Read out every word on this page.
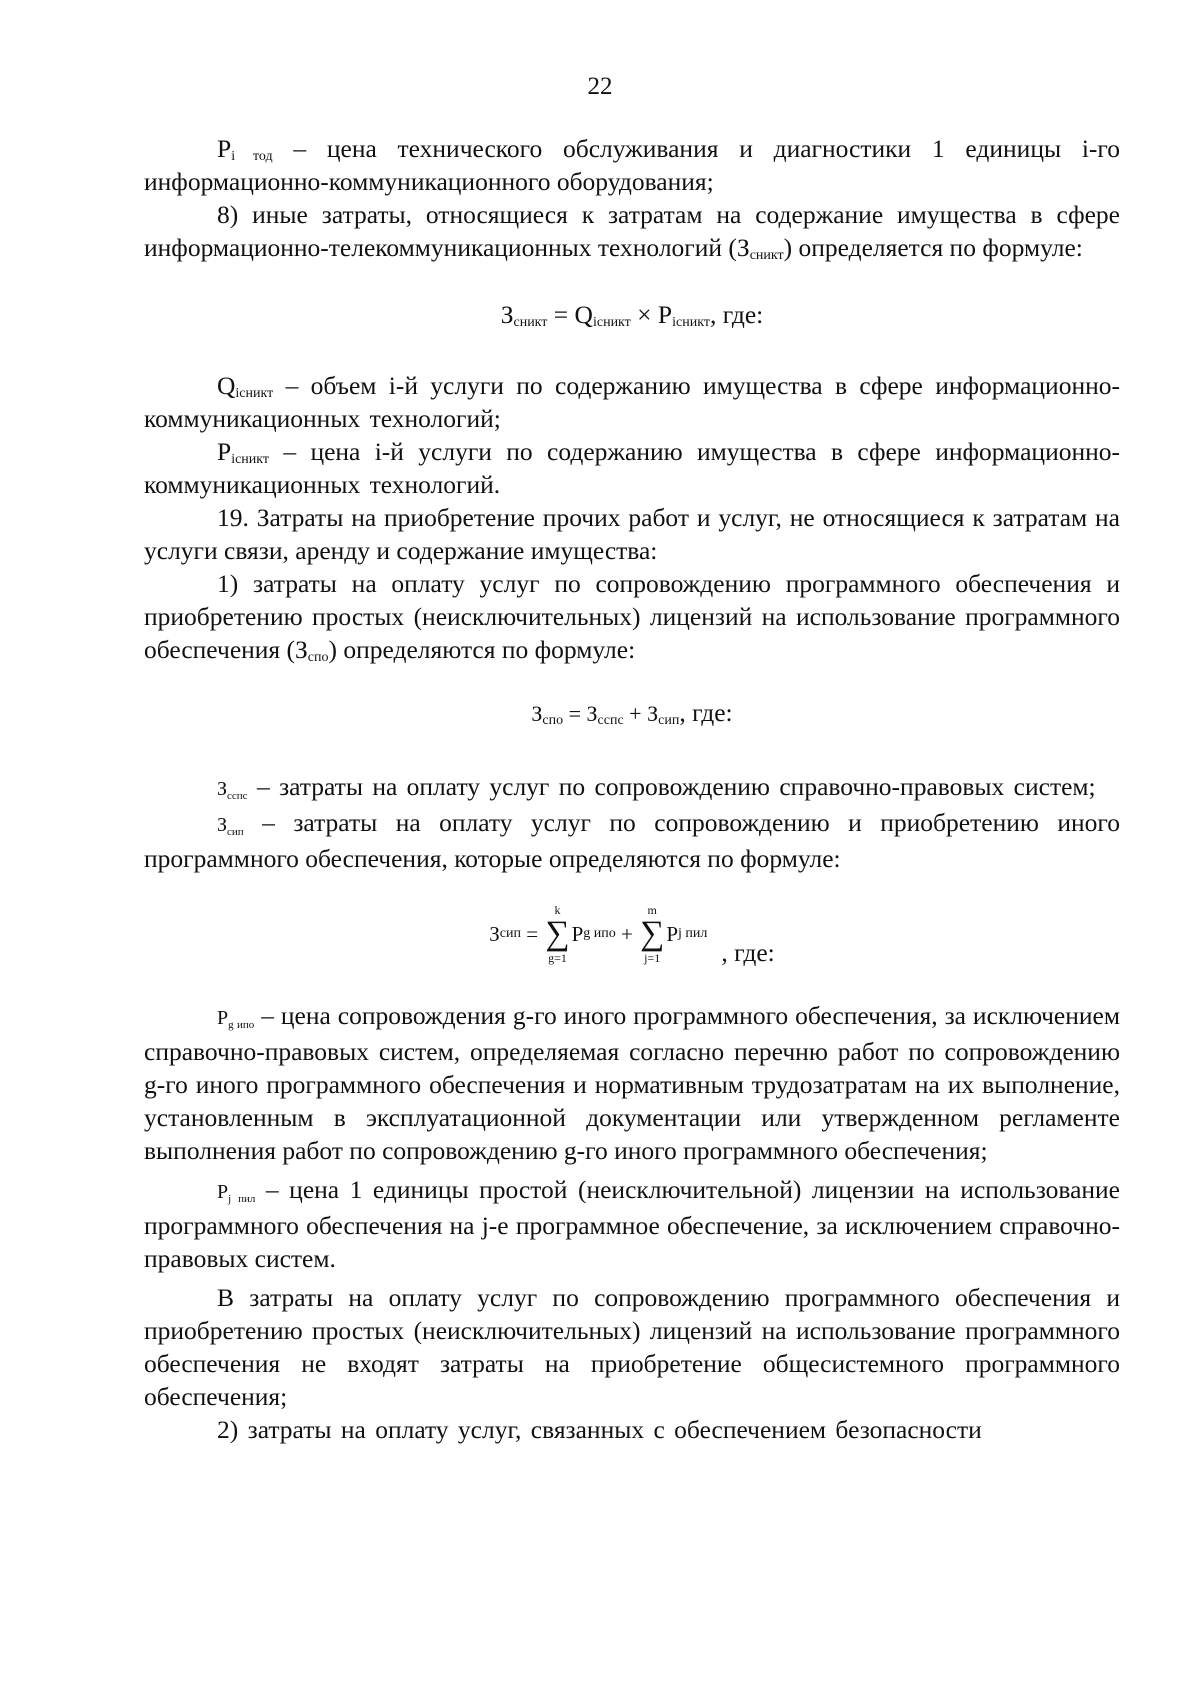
22

$P_{i тод}$ – цена технического обслуживания и диагностики 1 единицы i-го информационно-коммуникационного оборудования;

8) иные затраты, относящиеся к затратам на содержание имущества в сфере информационно-телекоммуникационных технологий $(З_{сникт})$ определяется по формуле:

$З_{сникт} = Q_{iсникт} \times P_{iсникт}$, где:

$Q_{iсникт}$ – объем i-й услуги по содержанию имущества в сфере информационно-коммуникационных технологий;

$P_{iсникт}$ – цена i-й услуги по содержанию имущества в сфере информационно-коммуникационных технологий.

19. Затраты на приобретение прочих работ и услуг, не относящиеся к затратам на услуги связи, аренду и содержание имущества:

1) затраты на оплату услуг по сопровождению программного обеспечения и приобретению простых (неисключительных) лицензий на использование программного обеспечения $(З_{спо})$ определяются по формуле:

$З_{спо} = З_{сспс} + З_{сип}$, где:

$З_{сспс}$ – затраты на оплату услуг по сопровождению справочно-правовых систем;

$З_{сип}$ – затраты на оплату услуг по сопровождению и приобретению иного программного обеспечения, которые определяются по формуле:

З сип =
k
∑
g=1
P g ипо +
m
∑
j=1
P j пил
, где:

$P_{g ипо}$ – цена сопровождения g-го иного программного обеспечения, за исключением справочно-правовых систем, определяемая согласно перечню работ по сопровождению g-го иного программного обеспечения и нормативным трудозатратам на их выполнение, установленным в эксплуатационной документации или утвержденном регламенте выполнения работ по сопровождению g-го иного программного обеспечения;

$P_{j пил}$ – цена 1 единицы простой (неисключительной) лицензии на использование программного обеспечения на j-е программное обеспечение, за исключением справочно-правовых систем.

В затраты на оплату услуг по сопровождению программного обеспечения и приобретению простых (неисключительных) лицензий на использование программного обеспечения не входят затраты на приобретение общесистемного программного обеспечения;

2) затраты на оплату услуг, связанных с обеспечением безопасности
